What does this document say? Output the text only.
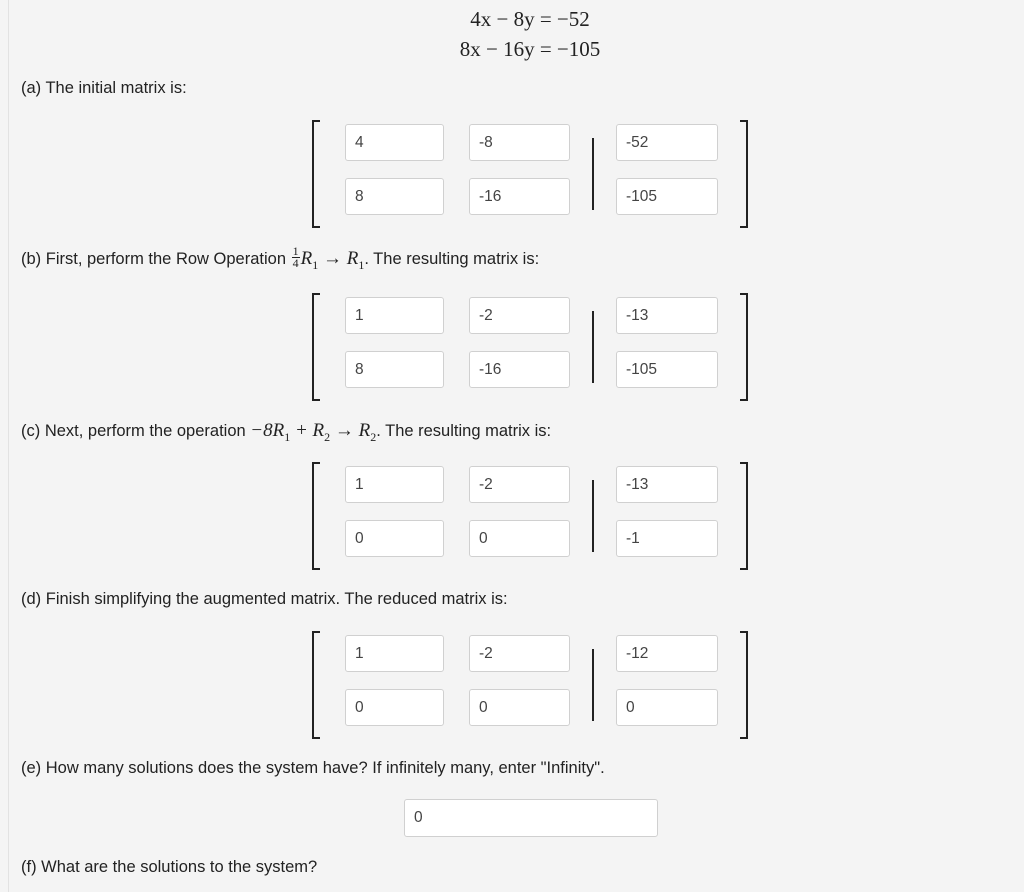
4x − 8y = −52
8x − 16y = −105
(a) The initial matrix is:
4	-8	-52
8	-16	-105
(b) First, perform the Row Operation $\frac{1}{4} R_1 \to R_1$. The resulting matrix is:
1	-2	-13
8	-16	-105
(c) Next, perform the operation $-8R_1 + R_2 \to R_2$. The resulting matrix is:
1	-2	-13
0	0	-1
(d) Finish simplifying the augmented matrix. The reduced matrix is:
1	-2	-12
0	0	0
(e) How many solutions does the system have? If infinitely many, enter "Infinity".
0
(f) What are the solutions to the system?
